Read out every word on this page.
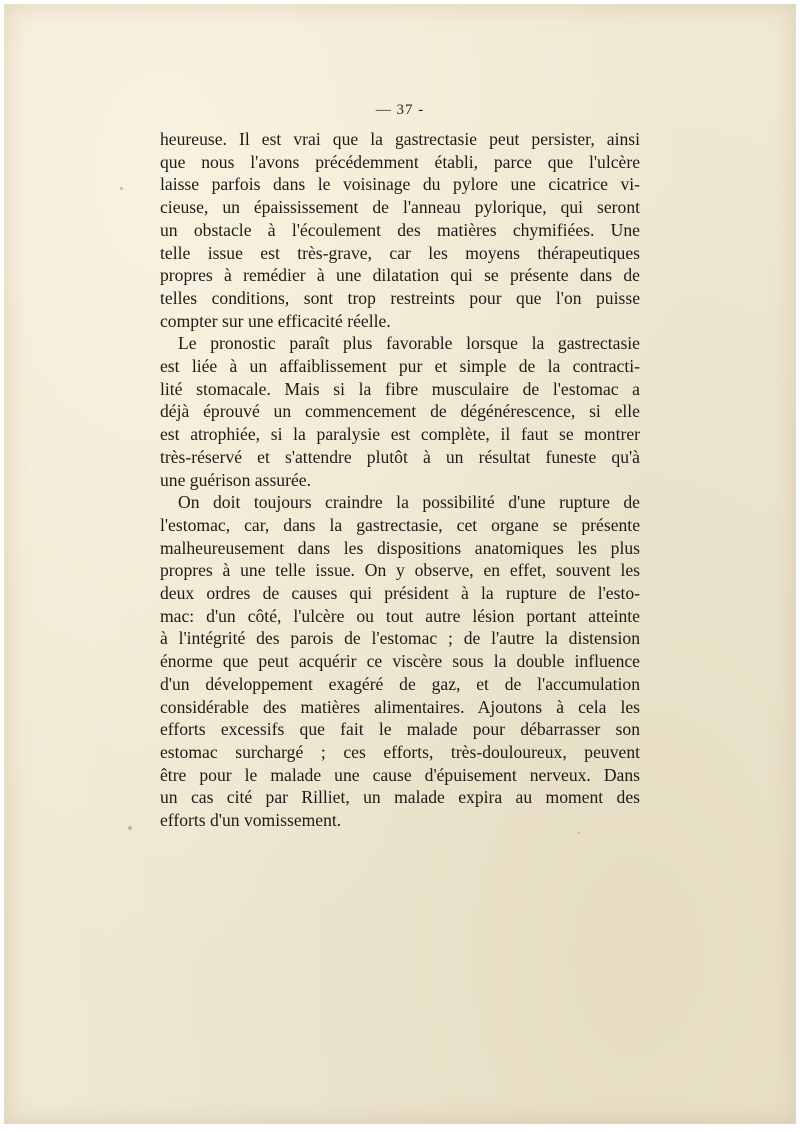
— 37 -
heureuse. Il est vrai que la gastrectasie peut persister, ainsi
que nous l'avons précédemment établi, parce que l'ulcère
laisse parfois dans le voisinage du pylore une cicatrice vi-
cieuse, un épaississement de l'anneau pylorique, qui seront
un obstacle à l'écoulement des matières chymifiées. Une
telle issue est très-grave, car les moyens thérapeutiques
propres à remédier à une dilatation qui se présente dans de
telles conditions, sont trop restreints pour que l'on puisse
compter sur une efficacité réelle.
Le pronostic paraît plus favorable lorsque la gastrectasie
est liée à un affaiblissement pur et simple de la contracti-
lité stomacale. Mais si la fibre musculaire de l'estomac a
déjà éprouvé un commencement de dégénérescence, si elle
est atrophiée, si la paralysie est complète, il faut se montrer
très-réservé et s'attendre plutôt à un résultat funeste qu'à
une guérison assurée.
On doit toujours craindre la possibilité d'une rupture de
l'estomac, car, dans la gastrectasie, cet organe se présente
malheureusement dans les dispositions anatomiques les plus
propres à une telle issue. On y observe, en effet, souvent les
deux ordres de causes qui président à la rupture de l'esto-
mac: d'un côté, l'ulcère ou tout autre lésion portant atteinte
à l'intégrité des parois de l'estomac ; de l'autre la distension
énorme que peut acquérir ce viscère sous la double influence
d'un développement exagéré de gaz, et de l'accumulation
considérable des matières alimentaires. Ajoutons à cela les
efforts excessifs que fait le malade pour débarrasser son
estomac surchargé ; ces efforts, très-douloureux, peuvent
être pour le malade une cause d'épuisement nerveux. Dans
un cas cité par Rilliet, un malade expira au moment des
efforts d'un vomissement.
